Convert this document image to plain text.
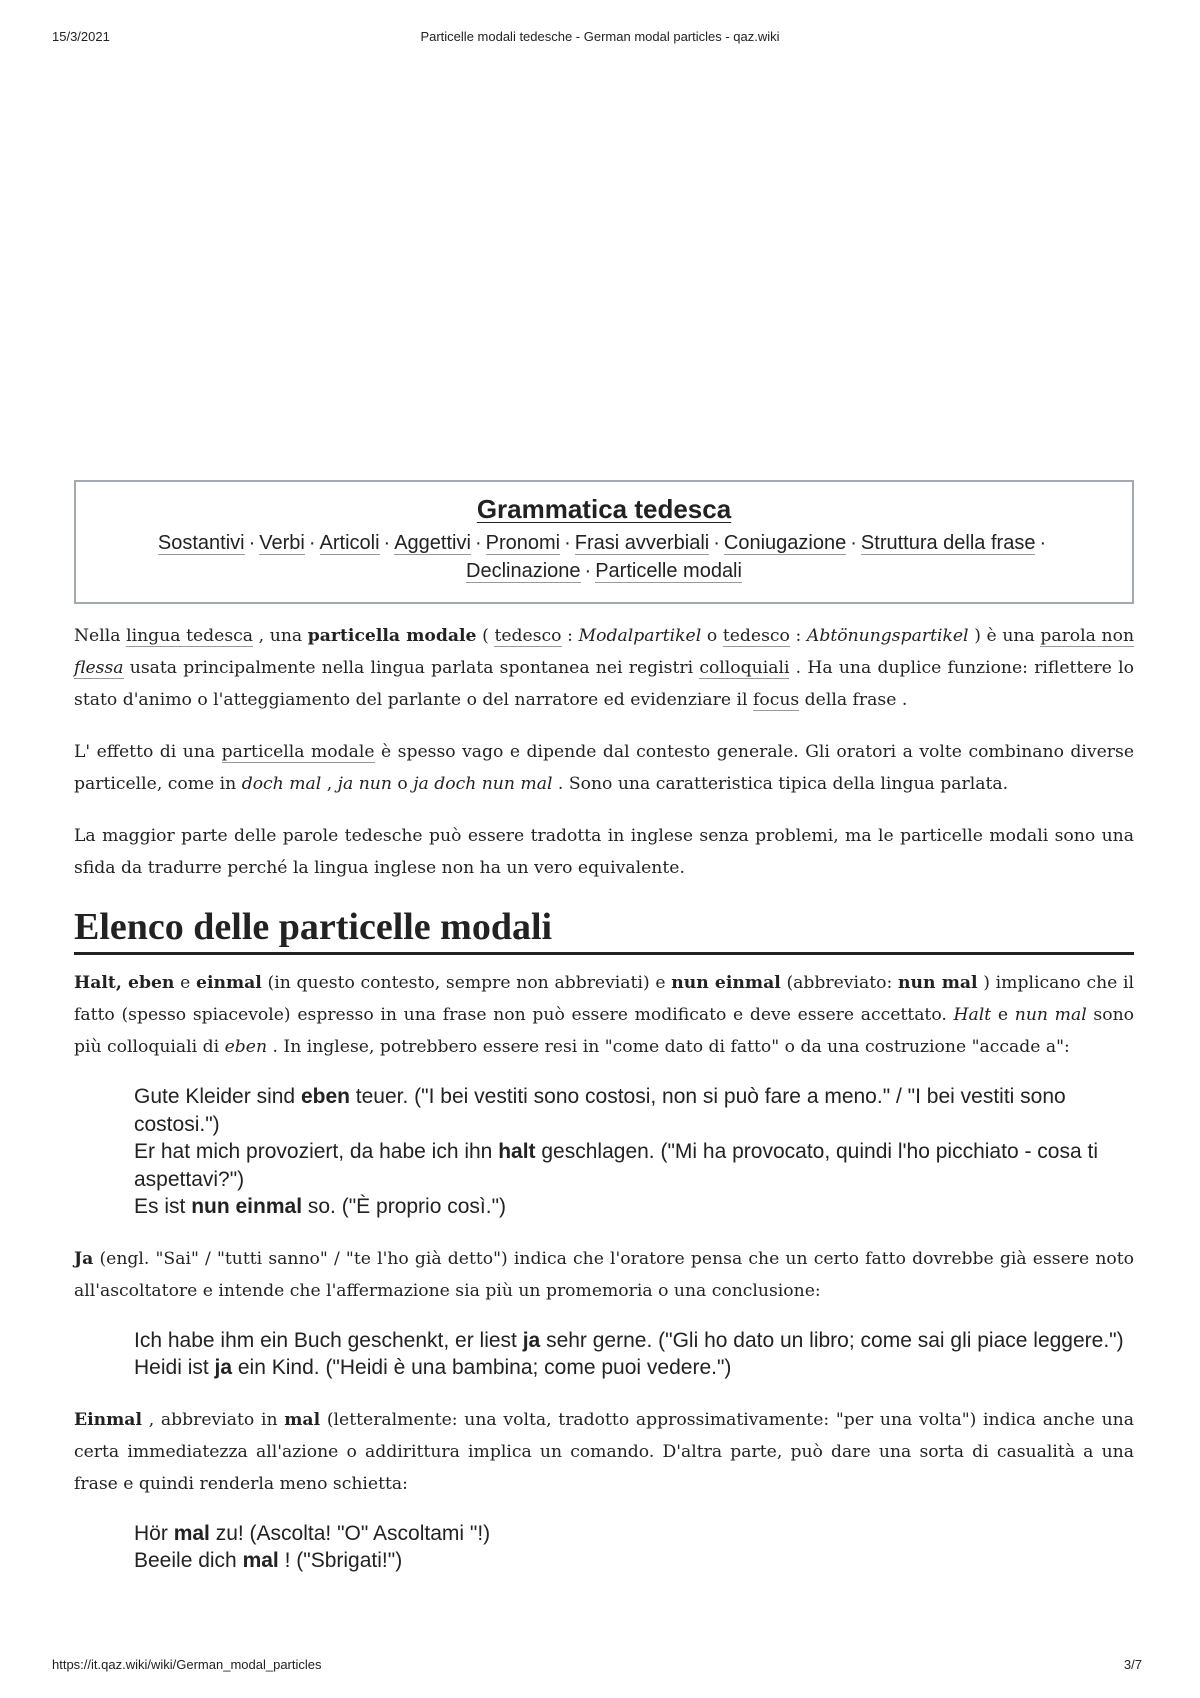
15/3/2021	Particelle modali tedesche - German modal particles - qaz.wiki
Grammatica tedesca
Sostantivi · Verbi · Articoli · Aggettivi · Pronomi · Frasi avverbiali · Coniugazione · Struttura della frase ·
Declinazione · Particelle modali

Nella lingua tedesca , una particella modale ( tedesco : Modalpartikel o tedesco : Abtönungspartikel ) è una parola non flessa usata principalmente nella lingua parlata spontanea nei registri colloquiali . Ha una duplice funzione: riflettere lo stato d'animo o l'atteggiamento del parlante o del narratore ed evidenziare il focus della frase .

L' effetto di una particella modale è spesso vago e dipende dal contesto generale. Gli oratori a volte combinano diverse particelle, come in doch mal , ja nun o ja doch nun mal . Sono una caratteristica tipica della lingua parlata.

La maggior parte delle parole tedesche può essere tradotta in inglese senza problemi, ma le particelle modali sono una sfida da tradurre perché la lingua inglese non ha un vero equivalente.

Elenco delle particelle modali

Halt, eben e einmal (in questo contesto, sempre non abbreviati) e nun einmal (abbreviato: nun mal ) implicano che il fatto (spesso spiacevole) espresso in una frase non può essere modificato e deve essere accettato. Halt e nun mal sono più colloquiali di eben . In inglese, potrebbero essere resi in "come dato di fatto" o da una costruzione "accade a":

Gute Kleider sind eben teuer. ("I bei vestiti sono costosi, non si può fare a meno." / "I bei vestiti sono costosi.")
Er hat mich provoziert, da habe ich ihn halt geschlagen. ("Mi ha provocato, quindi l'ho picchiato - cosa ti aspettavi?")
Es ist nun einmal so. ("È proprio così.")

Ja (engl. "Sai" / "tutti sanno" / "te l'ho già detto") indica che l'oratore pensa che un certo fatto dovrebbe già essere noto all'ascoltatore e intende che l'affermazione sia più un promemoria o una conclusione:

Ich habe ihm ein Buch geschenkt, er liest ja sehr gerne. ("Gli ho dato un libro; come sai gli piace leggere.")
Heidi ist ja ein Kind. ("Heidi è una bambina; come puoi vedere.")

Einmal , abbreviato in mal (letteralmente: una volta, tradotto approssimativamente: "per una volta") indica anche una certa immediatezza all'azione o addirittura implica un comando. D'altra parte, può dare una sorta di casualità a una frase e quindi renderla meno schietta:

Hör mal zu! (Ascolta! "O" Ascoltami "!)
Beeile dich mal ! ("Sbrigati!")
https://it.qaz.wiki/wiki/German_modal_particles	3/7
